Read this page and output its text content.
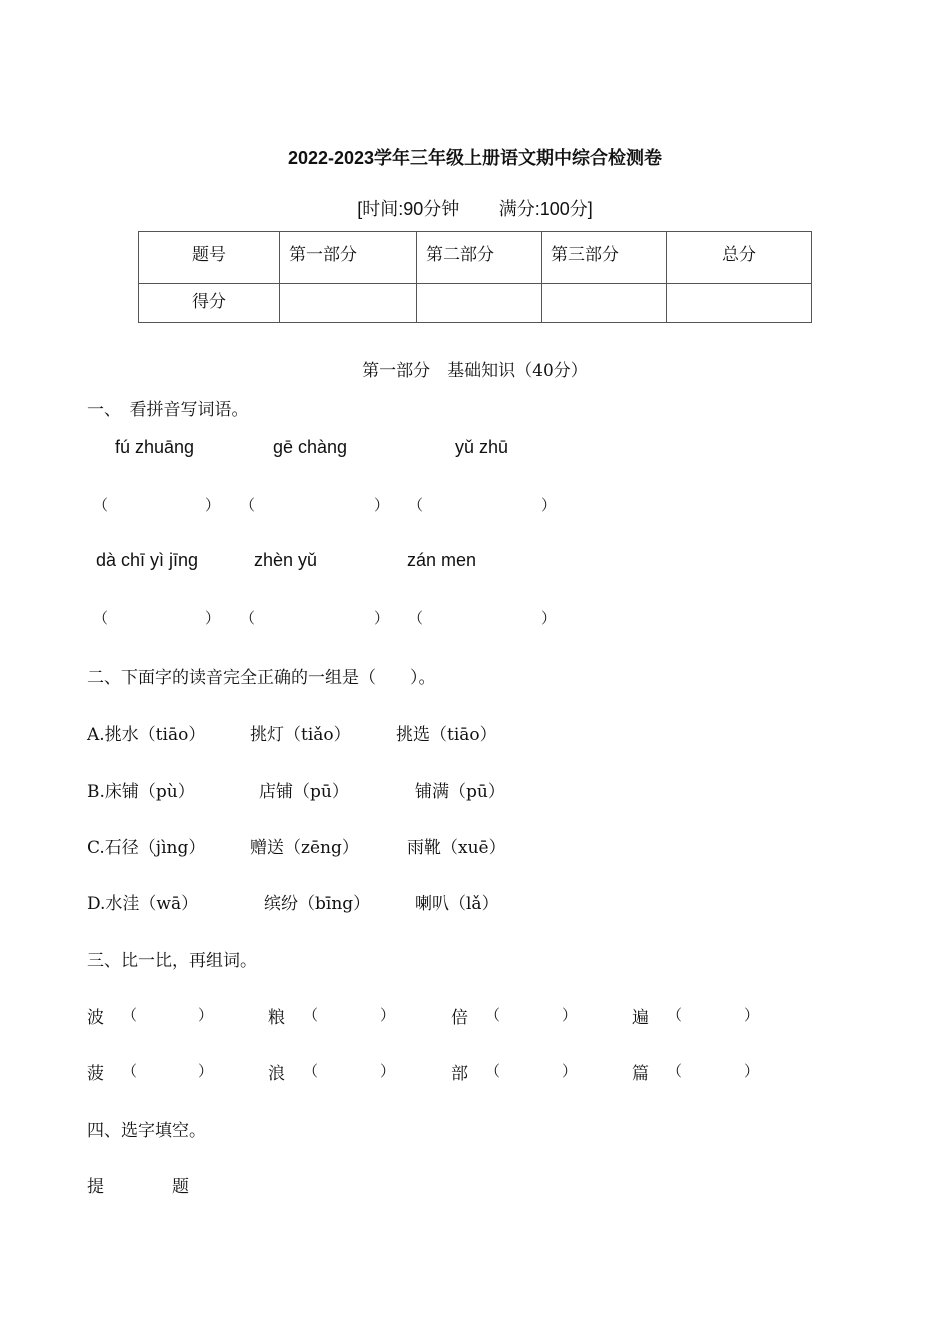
2022-2023学年三年级上册语文期中综合检测卷
[时间:90分钟 满分:100分]
题号	第一部分	第二部分	第三部分	总分
得分				
第一部分　基础知识（40分）
一、　看拼音写词语。
fú zhuāng	gē chàng	yǔ zhū
（	） （	） （	）
dà chī yì jīng	zhèn yǔ	zán men
（	） （	） （	）
二、下面字的读音完全正确的一组是（　　）。
A.挑水（tiāo）	挑灯（tiǎo）	挑选（tiāo）
B.床铺（pù）	店铺（pū）	铺满（pū）
C.石径（jìng）	赠送（zēng）	雨靴（xuē）
D.水洼（wā）	缤纷（bīng）	喇叭（lǎ）
三、比一比，再组词。
波 （	）	粮 （	）	倍 （	）	遍 （	）
菠 （	）	浪 （	）	部 （	）	篇 （	）
四、选字填空。
提	题
